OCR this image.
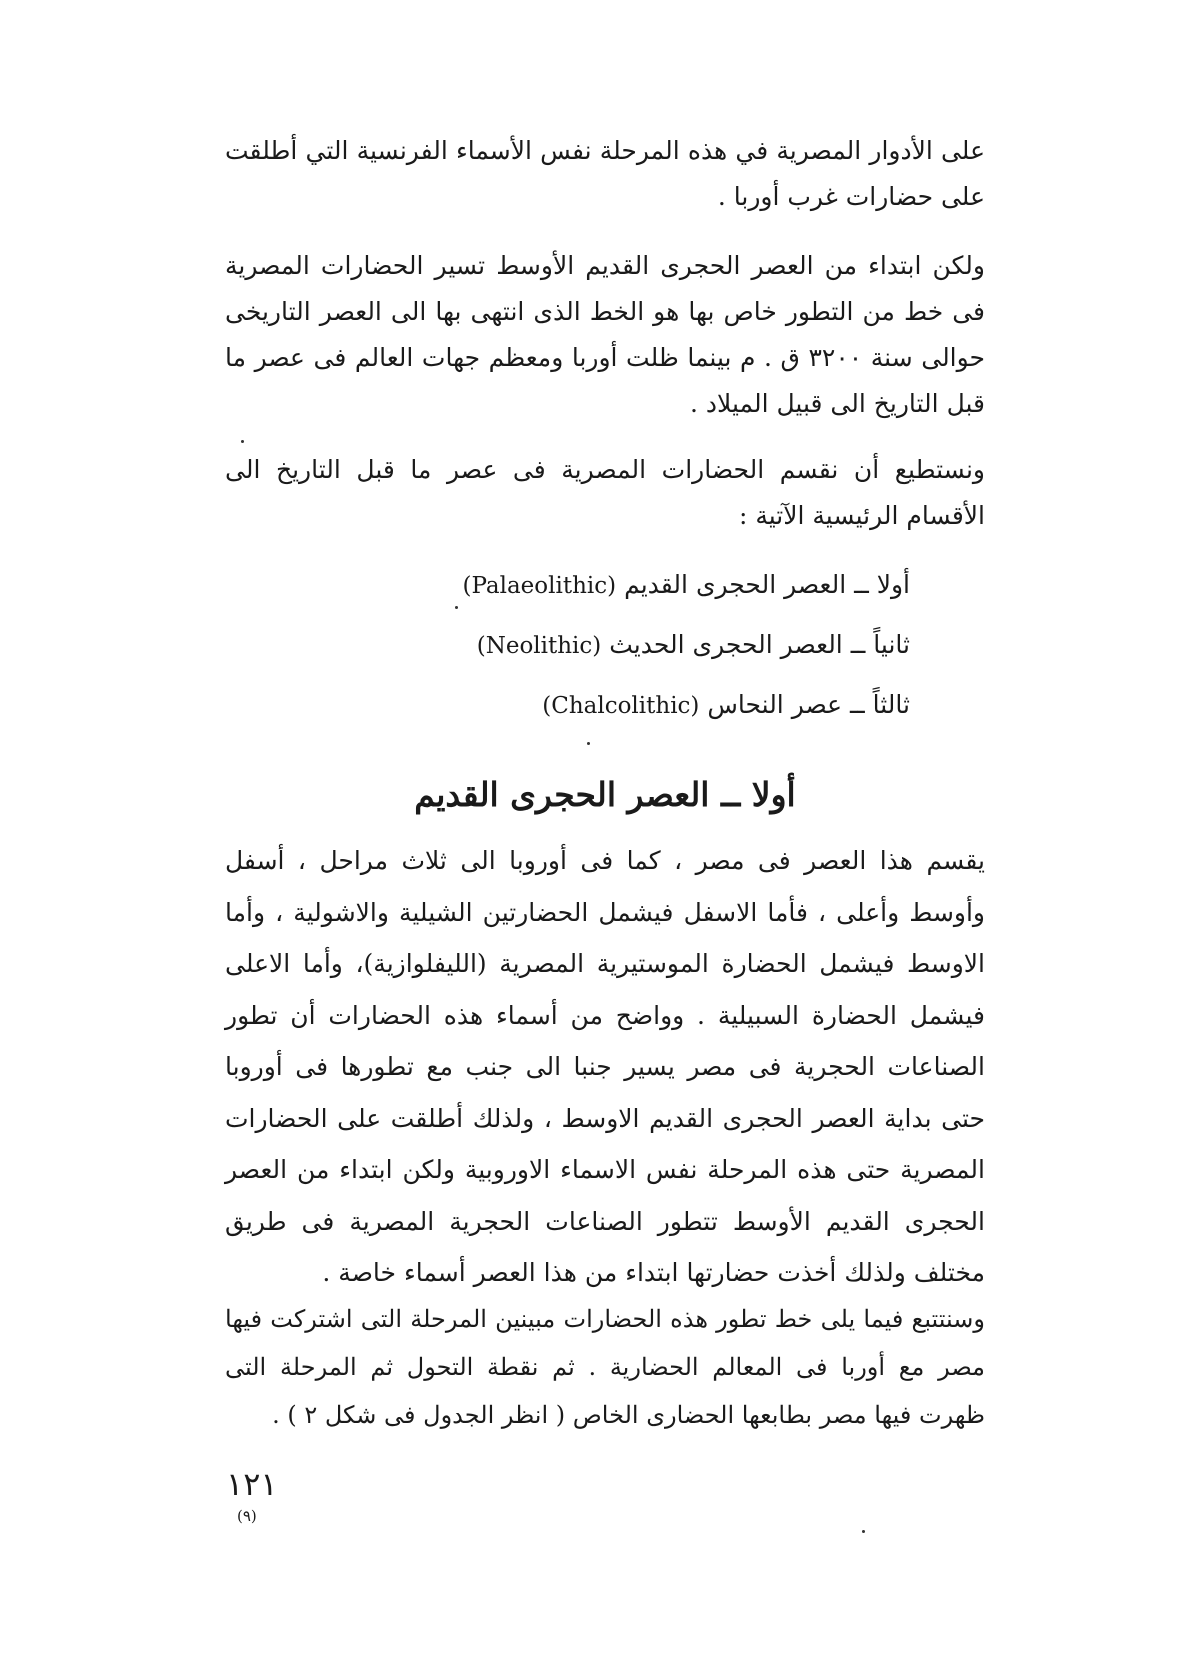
على الأدوار المصرية في هذه المرحلة نفس الأسماء الفرنسية التي أطلقت على حضارات غرب أوربا .

ولكن ابتداء من العصر الحجرى القديم الأوسط تسير الحضارات المصرية فى خط من التطور خاص بها هو الخط الذى انتهى بها الى العصر التاريخى حوالى سنة ٣٢٠٠ ق . م بينما ظلت أوربا ومعظم جهات العالم فى عصر ما قبل التاريخ الى قبيل الميلاد .

ونستطيع أن نقسم الحضارات المصرية فى عصر ما قبل التاريخ الى الأقسام الرئيسية الآتية :

أولا ــ العصر الحجرى القديم (Palaeolithic)
ثانياً ــ العصر الحجرى الحديث (Neolithic)
ثالثاً ــ عصر النحاس (Chalcolithic)
أولا ــ العصر الحجرى القديم

يقسم هذا العصر فى مصر ، كما فى أوروبا الى ثلاث مراحل ، أسفل وأوسط وأعلى ، فأما الاسفل فيشمل الحضارتين الشيلية والاشولية ، وأما الاوسط فيشمل الحضارة الموستيرية المصرية (الليفلوازية)، وأما الاعلى فيشمل الحضارة السبيلية . وواضح من أسماء هذه الحضارات أن تطور الصناعات الحجرية فى مصر يسير جنبا الى جنب مع تطورها فى أوروبا حتى بداية العصر الحجرى القديم الاوسط ، ولذلك أطلقت على الحضارات المصرية حتى هذه المرحلة نفس الاسماء الاوروبية ولكن ابتداء من العصر الحجرى القديم الأوسط تتطور الصناعات الحجرية المصرية فى طريق مختلف ولذلك أخذت حضارتها ابتداء من هذا العصر أسماء خاصة .

وسنتتبع فيما يلى خط تطور هذه الحضارات مبينين المرحلة التى اشتركت فيها مصر مع أوربا فى المعالم الحضارية . ثم نقطة التحول ثم المرحلة التى ظهرت فيها مصر بطابعها الحضارى الخاص ( انظر الجدول فى شكل ٢ ) .

١٢١
(٩)
